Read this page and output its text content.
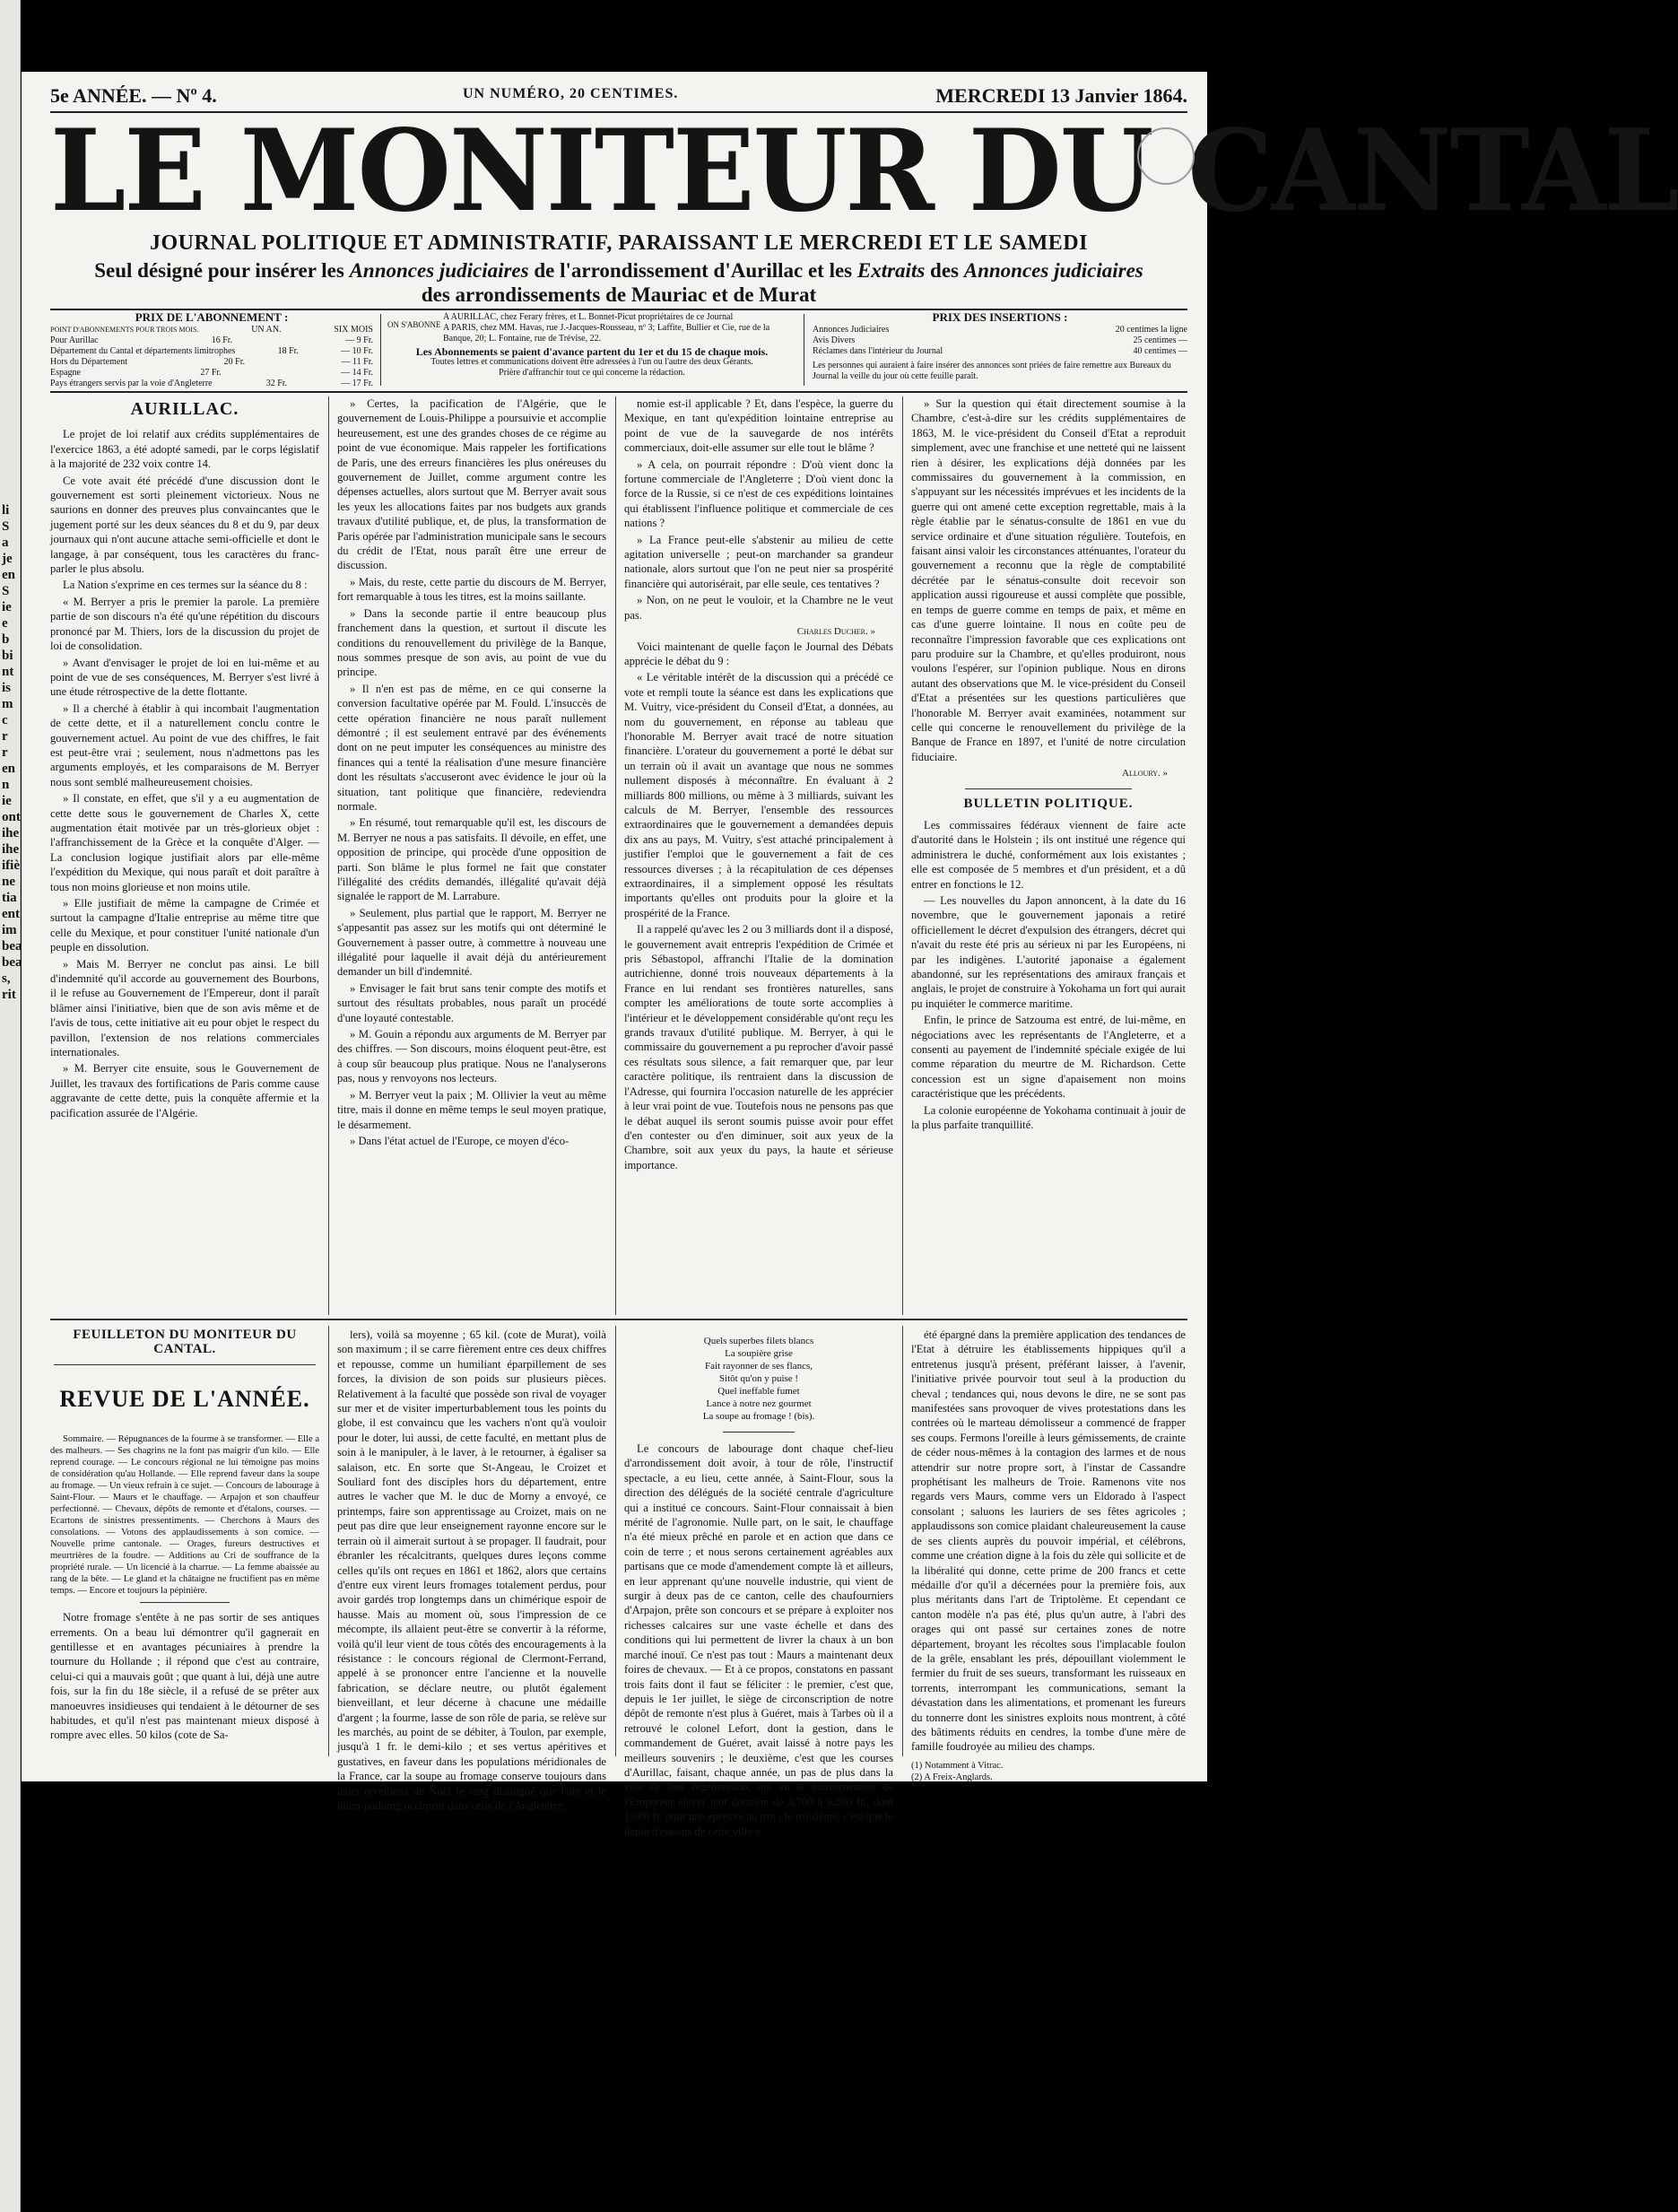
li
S
a
je
en
S
ie
e
b
bi
nt
is
m
c
r
r
en
n
ie
ont
ihe
ihe
ifiè
ne
tia
ent
im
bea
bea
s,
rit
5e ANNÉE. — Nº 4.	UN NUMÉRO, 20 CENTIMES.	MERCREDI 13 Janvier 1864.
LE MONITEUR DU CANTAL
JOURNAL POLITIQUE ET ADMINISTRATIF, PARAISSANT LE MERCREDI ET LE SAMEDI
Seul désigné pour insérer les Annonces judiciaires de l'arrondissement d'Aurillac et les Extraits des Annonces judiciaires
des arrondissements de Mauriac et de Murat
PRIX DE L'ABONNEMENT :
POINT D'ABONNEMENTS POUR TROIS MOIS.	UN AN.	SIX MOIS
Pour Aurillac	16 Fr.	— 9 Fr.
Département du Cantal et départements limitrophes	18 Fr.	— 10 Fr.
Hors du Département	20 Fr.	— 11 Fr.
Espagne	27 Fr.	— 14 Fr.
Pays étrangers servis par la voie d'Angleterre	32 Fr.	— 17 Fr.
ON S'ABONNE
A AURILLAC, chez Ferary frères, et L. Bonnet-Picut propriétaires de ce Journal
A PARIS, chez MM. Havas, rue J.-Jacques-Rousseau, nº 3; Laffite, Bullier et Cie, rue de la Banque, 20; L. Fontaine, rue de Trévise, 22.
Les Abonnements se paient d'avance partent du 1er et du 15 de chaque mois.
Toutes lettres et communications doivent être adressées à l'un ou l'autre des deux Gérants.
Prière d'affranchir tout ce qui concerne la rédaction.
PRIX DES INSERTIONS :
Annonces Judiciaires	20 centimes la ligne
Avis Divers	25 centimes —
Réclames dans l'intérieur du Journal	40 centimes —
Les personnes qui auraient à faire insérer des annonces sont priées de faire remettre aux Bureaux du Journal la veille du jour où cette feuille paraît.
AURILLAC.

Le projet de loi relatif aux crédits supplémentaires de l'exercice 1863, a été adopté samedi, par le corps législatif à la majorité de 232 voix contre 14.

Ce vote avait été précédé d'une discussion dont le gouvernement est sorti pleinement victorieux. Nous ne saurions en donner des preuves plus convaincantes que le jugement porté sur les deux séances du 8 et du 9, par deux journaux qui n'ont aucune attache semi-officielle et dont le langage, à par conséquent, tous les caractères du franc-parler le plus absolu.

La Nation s'exprime en ces termes sur la séance du 8 :

« M. Berryer a pris le premier la parole. La première partie de son discours n'a été qu'une répétition du discours prononcé par M. Thiers, lors de la discussion du projet de loi de consolidation.

» Avant d'envisager le projet de loi en lui-même et au point de vue de ses conséquences, M. Berryer s'est livré à une étude rétrospective de la dette flottante.

» Il a cherché à établir à qui incombait l'augmentation de cette dette, et il a naturellement conclu contre le gouvernement actuel. Au point de vue des chiffres, le fait est peut-être vrai ; seulement, nous n'admettons pas les arguments employés, et les comparaisons de M. Berryer nous sont semblé malheureusement choisies.

» Il constate, en effet, que s'il y a eu augmentation de cette dette sous le gouvernement de Charles X, cette augmentation était motivée par un très-glorieux objet : l'affranchissement de la Grèce et la conquête d'Alger. — La conclusion logique justifiait alors par elle-même l'expédition du Mexique, qui nous paraît et doit paraître à tous non moins glorieuse et non moins utile.

» Elle justifiait de même la campagne de Crimée et surtout la campagne d'Italie entreprise au même titre que celle du Mexique, et pour constituer l'unité nationale d'un peuple en dissolution.

» Mais M. Berryer ne conclut pas ainsi. Le bill d'indemnité qu'il accorde au gouvernement des Bourbons, il le refuse au Gouvernement de l'Empereur, dont il paraît blâmer ainsi l'initiative, bien que de son avis même et de l'avis de tous, cette initiative ait eu pour objet le respect du pavillon, l'extension de nos relations commerciales internationales.

» M. Berryer cite ensuite, sous le Gouvernement de Juillet, les travaux des fortifications de Paris comme cause aggravante de cette dette, puis la conquête affermie et la pacification assurée de l'Algérie.

» Certes, la pacification de l'Algérie, que le gouvernement de Louis-Philippe a poursuivie et accomplie heureusement, est une des grandes choses de ce régime au point de vue économique. Mais rappeler les fortifications de Paris, une des erreurs financières les plus onéreuses du gouvernement de Juillet, comme argument contre les dépenses actuelles, alors surtout que M. Berryer avait sous les yeux les allocations faites par nos budgets aux grands travaux d'utilité publique, et, de plus, la transformation de Paris opérée par l'administration municipale sans le secours du crédit de l'Etat, nous paraît être une erreur de discussion.

» Mais, du reste, cette partie du discours de M. Berryer, fort remarquable à tous les titres, est la moins saillante.

» Dans la seconde partie il entre beaucoup plus franchement dans la question, et surtout il discute les conditions du renouvellement du privilège de la Banque, nous sommes presque de son avis, au point de vue du principe.

» Il n'en est pas de même, en ce qui conserne la conversion facultative opérée par M. Fould. L'insuccès de cette opération financière ne nous paraît nullement démontré ; il est seulement entravé par des événements dont on ne peut imputer les conséquences au ministre des finances qui a tenté la réalisation d'une mesure financière dont les résultats s'accuseront avec évidence le jour où la situation, tant politique que financière, redeviendra normale.

» En résumé, tout remarquable qu'il est, les discours de M. Berryer ne nous a pas satisfaits. Il dévoile, en effet, une opposition de principe, qui procède d'une opposition de parti. Son blâme le plus formel ne fait que constater l'illégalité des crédits demandés, illégalité qu'avait déjà signalée le rapport de M. Larrabure.

» Seulement, plus partial que le rapport, M. Berryer ne s'appesantit pas assez sur les motifs qui ont déterminé le Gouvernement à passer outre, à commettre à nouveau une illégalité pour laquelle il avait déjà du antérieurement demander un bill d'indemnité.

» Envisager le fait brut sans tenir compte des motifs et surtout des résultats probables, nous paraît un procédé d'une loyauté contestable.

» M. Gouin a répondu aux arguments de M. Berryer par des chiffres. — Son discours, moins éloquent peut-être, est à coup sûr beaucoup plus pratique. Nous ne l'analyserons pas, nous y renvoyons nos lecteurs.

» M. Berryer veut la paix ; M. Ollivier la veut au même titre, mais il donne en même temps le seul moyen pratique, le désarmement.

» Dans l'état actuel de l'Europe, ce moyen d'éco-

nomie est-il applicable ? Et, dans l'espèce, la guerre du Mexique, en tant qu'expédition lointaine entreprise au point de vue de la sauvegarde de nos intérêts commerciaux, doit-elle assumer sur elle tout le blâme ?

» A cela, on pourrait répondre : D'où vient donc la fortune commerciale de l'Angleterre ; D'où vient donc la force de la Russie, si ce n'est de ces expéditions lointaines qui établissent l'influence politique et commerciale de ces nations ?

» La France peut-elle s'abstenir au milieu de cette agitation universelle ; peut-on marchander sa grandeur nationale, alors surtout que l'on ne peut nier sa prospérité financière qui autorisérait, par elle seule, ces tentatives ?

» Non, on ne peut le vouloir, et la Chambre ne le veut pas.

Charles Ducher. »

Voici maintenant de quelle façon le Journal des Débats apprécie le débat du 9 :

« Le véritable intérêt de la discussion qui a précédé ce vote et rempli toute la séance est dans les explications que M. Vuitry, vice-président du Conseil d'Etat, a données, au nom du gouvernement, en réponse au tableau que l'honorable M. Berryer avait tracé de notre situation financière. L'orateur du gouvernement a porté le débat sur un terrain où il avait un avantage que nous ne sommes nullement disposés à méconnaître. En évaluant à 2 milliards 800 millions, ou même à 3 milliards, suivant les calculs de M. Berryer, l'ensemble des ressources extraordinaires que le gouvernement a demandées depuis dix ans au pays, M. Vuitry, s'est attaché principalement à justifier l'emploi que le gouvernement a fait de ces ressources diverses ; à la récapitulation de ces dépenses extraordinaires, il a simplement opposé les résultats importants qu'elles ont produits pour la gloire et la prospérité de la France.

Il a rappelé qu'avec les 2 ou 3 milliards dont il a disposé, le gouvernement avait entrepris l'expédition de Crimée et pris Sébastopol, affranchi l'Italie de la domination autrichienne, donné trois nouveaux départements à la France en lui rendant ses frontières naturelles, sans compter les améliorations de toute sorte accomplies à l'intérieur et le développement considérable qu'ont reçu les grands travaux d'utilité publique. M. Berryer, à qui le commissaire du gouvernement a pu reprocher d'avoir passé ces résultats sous silence, a fait remarquer que, par leur caractère politique, ils rentraient dans la discussion de l'Adresse, qui fournira l'occasion naturelle de les apprécier à leur vrai point de vue. Toutefois nous ne pensons pas que le débat auquel ils seront soumis puisse avoir pour effet d'en contester ou d'en diminuer, soit aux yeux de la Chambre, soit aux yeux du pays, la haute et sérieuse importance.

» Sur la question qui était directement soumise à la Chambre, c'est-à-dire sur les crédits supplémentaires de 1863, M. le vice-président du Conseil d'Etat a reproduit simplement, avec une franchise et une netteté qui ne laissent rien à désirer, les explications déjà données par les commissaires du gouvernement à la commission, en s'appuyant sur les nécessités imprévues et les incidents de la guerre qui ont amené cette exception regrettable, mais à la règle établie par le sénatus-consulte de 1861 en vue du service ordinaire et d'une situation régulière. Toutefois, en faisant ainsi valoir les circonstances atténuantes, l'orateur du gouvernement a reconnu que la règle de comptabilité décrétée par le sénatus-consulte doit recevoir son application aussi rigoureuse et aussi complète que possible, en temps de guerre comme en temps de paix, et même en cas d'une guerre lointaine. Il nous en coûte peu de reconnaître l'impression favorable que ces explications ont paru produire sur la Chambre, et qu'elles produiront, nous voulons l'espérer, sur l'opinion publique. Nous en dirons autant des observations que M. le vice-président du Conseil d'Etat a présentées sur les questions particulières que l'honorable M. Berryer avait examinées, notamment sur celle qui concerne le renouvellement du privilège de la Banque de France en 1897, et l'unité de notre circulation fiduciaire.

Alloury. »
BULLETIN POLITIQUE.

Les commissaires fédéraux viennent de faire acte d'autorité dans le Holstein ; ils ont institué une régence qui administrera le duché, conformément aux lois existantes ; elle est composée de 5 membres et d'un président, et a dû entrer en fonctions le 12.

— Les nouvelles du Japon annoncent, à la date du 16 novembre, que le gouvernement japonais a retiré officiellement le décret d'expulsion des étrangers, décret qui n'avait du reste été pris au sérieux ni par les Européens, ni par les indigènes. L'autorité japonaise a également abandonné, sur les représentations des amiraux français et anglais, le projet de construire à Yokohama un fort qui aurait pu inquiéter le commerce maritime.

Enfin, le prince de Satzouma est entré, de lui-même, en négociations avec les représentants de l'Angleterre, et a consenti au payement de l'indemnité spéciale exigée de lui comme réparation du meurtre de M. Richardson. Cette concession est un signe d'apaisement non moins caractéristique que les précédents.

La colonie européenne de Yokohama continuait à jouir de la plus parfaite tranquillité.

FEUILLETON DU MONITEUR DU CANTAL.
REVUE DE L'ANNÉE.

Sommaire. — Répugnances de la fourme à se transformer. — Elle a des malheurs. — Ses chagrins ne la font pas maigrir d'un kilo. — Elle reprend courage. — Le concours régional ne lui témoigne pas moins de considération qu'au Hollande. — Elle reprend faveur dans la soupe au fromage. — Un vieux refrain à ce sujet. — Concours de labourage à Saint-Flour. — Maurs et le chauffage. — Arpajon et son chauffeur perfectionné. — Chevaux, dépôts de remonte et d'étalons, courses. — Ecartons de sinistres pressentiments. — Cherchons à Maurs des consolations. — Votons des applaudissements à son comice. — Nouvelle prime cantonale. — Orages, fureurs destructives et meurtrières de la foudre. — Additions au Cri de souffrance de la propriété rurale. — Un licencié à la charrue. — La femme abaissée au rang de la bête. — Le gland et la châtaigne ne fructifient pas en même temps. — Encore et toujours la pépinière.

Notre fromage s'entête à ne pas sortir de ses antiques errements. On a beau lui démontrer qu'il gagnerait en gentillesse et en avantages pécuniaires à prendre la tournure du Hollande ; il répond que c'est au contraire, celui-ci qui a mauvais goût ; que quant à lui, déjà une autre fois, sur la fin du 18e siècle, il a refusé de se prêter aux manoeuvres insidieuses qui tendaient à le détourner de ses habitudes, et qu'il n'est pas maintenant mieux disposé à rompre avec elles. 50 kilos (cote de Sa-

lers), voilà sa moyenne ; 65 kil. (cote de Murat), voilà son maximum ; il se carre fièrement entre ces deux chiffres et repousse, comme un humiliant éparpillement de ses forces, la division de son poids sur plusieurs pièces. Relativement à la faculté que possède son rival de voyager sur mer et de visiter imperturbablement tous les points du globe, il est convaincu que les vachers n'ont qu'à vouloir pour le doter, lui aussi, de cette faculté, en mettant plus de soin à le manipuler, à le laver, à le retourner, à égaliser sa salaison, etc. En sorte que St-Angeau, le Croizet et Souliard font des disciples hors du département, entre autres le vacher que M. le duc de Morny a envoyé, ce printemps, faire son apprentissage au Croizet, mais on ne peut pas dire que leur enseignement rayonne encore sur le terrain où il aimerait surtout à se propager. Il faudrait, pour ébranler les récalcitrants, quelques dures leçons comme celles qu'ils ont reçues en 1861 et 1862, alors que certains d'entre eux virent leurs fromages totalement perdus, pour avoir gardés trop longtemps dans un chimérique espoir de hausse. Mais au moment où, sous l'impression de ce mécompte, ils allaient peut-être se convertir à la réforme, voilà qu'il leur vient de tous côtés des encouragements à la résistance : le concours régional de Clermont-Ferrand, appelé à se prononcer entre l'ancienne et la nouvelle fabrication, se déclare neutre, ou plutôt également bienveillant, et leur décerne à chacune une médaille d'argent ; la fourme, lasse de son rôle de paria, se relève sur les marchés, au point de se débiter, à Toulon, par exemple, jusqu'à 1 fr. le demi-kilo ; et ses vertus apéritives et gustatives, en faveur dans les populations méridionales de la France, car la soupe au fromage conserve toujours dans leurs réveillons de Noël le rang distingué que l'oie et le plum-pudding occupent dans ceux de l'Angleterre.

Quels superbes filets blancs
La soupière grise
Fait rayonner de ses flancs,
Sitôt qu'on y puise !
Quel ineffable fumet
Lance à notre nez gourmet
La soupe au fromage ! (bis).

Le concours de labourage dont chaque chef-lieu d'arrondissement doit avoir, à tour de rôle, l'instructif spectacle, a eu lieu, cette année, à Saint-Flour, sous la direction des délégués de la société centrale d'agriculture qui a institué ce concours. Saint-Flour connaissait à bien mérité de l'agronomie. Nulle part, on le sait, le chauffage n'a été mieux prêché en parole et en action que dans ce coin de terre ; et nous serons certainement agréables aux partisans que ce mode d'amendement compte là et ailleurs, en leur apprenant qu'une nouvelle industrie, qui vient de surgir à deux pas de ce canton, celle des chaufourniers d'Arpajon, prête son concours et se prépare à exploiter nos richesses calcaires sur une vaste échelle et dans des conditions qui lui permettent de livrer la chaux à un bon marché inouï. Ce n'est pas tout : Maurs a maintenant deux foires de chevaux. — Et à ce propos, constatons en passant trois faits dont il faut se féliciter : le premier, c'est que, depuis le 1er juillet, le siège de circonscription de notre dépôt de remonte n'est plus à Guéret, mais à Tarbes où il a retrouvé le colonel Lefort, dont la gestion, dans le commandement de Guéret, avait laissé à notre pays les meilleurs souvenirs ; le deuxième, c'est que les courses d'Aurillac, faisant, chaque année, un pas de plus dans la voie de leur régénération, ont vu le gouvernement de l'Empereur élever leur dotation de 3,700 à 8,200 fr., dont 1,000 fr. pour une épreuve au trot ; le troisième, c'est que le dépôt d'étalons de cette ville a

été épargné dans la première application des tendances de l'Etat à détruire les établissements hippiques qu'il a entretenus jusqu'à présent, préférant laisser, à l'avenir, l'initiative privée pourvoir tout seul à la production du cheval ; tendances qui, nous devons le dire, ne se sont pas manifestées sans provoquer de vives protestations dans les contrées où le marteau démolisseur a commencé de frapper ses coups. Fermons l'oreille à leurs gémissements, de crainte de céder nous-mêmes à la contagion des larmes et de nous attendrir sur notre propre sort, à l'instar de Cassandre prophétisant les malheurs de Troie. Ramenons vite nos regards vers Maurs, comme vers un Eldorado à l'aspect consolant ; saluons les lauriers de ses fêtes agricoles ; applaudissons son comice plaidant chaleureusement la cause de ses clients auprès du pouvoir impérial, et célébrons, comme une création digne à la fois du zèle qui sollicite et de la libéralité qui donne, cette prime de 200 francs et cette médaille d'or qu'il a décernées pour la première fois, aux plus méritants dans l'art de Triptolème. Et cependant ce canton modèle n'a pas été, plus qu'un autre, à l'abri des orages qui ont passé sur certaines zones de notre département, broyant les récoltes sous l'implacable foulon de la grêle, ensablant les prés, dépouillant violemment le fermier du fruit de ses sueurs, transformant les ruisseaux en torrents, interrompant les communications, semant la dévastation dans les alimentations, et promenant les fureurs du tonnerre dont les sinistres exploits nous montrent, à côté des bâtiments réduits en cendres, la tombe d'une mère de famille foudroyée au milieu des champs.

(1) Notamment à Vitrac.
(2) A Freix-Anglards.
